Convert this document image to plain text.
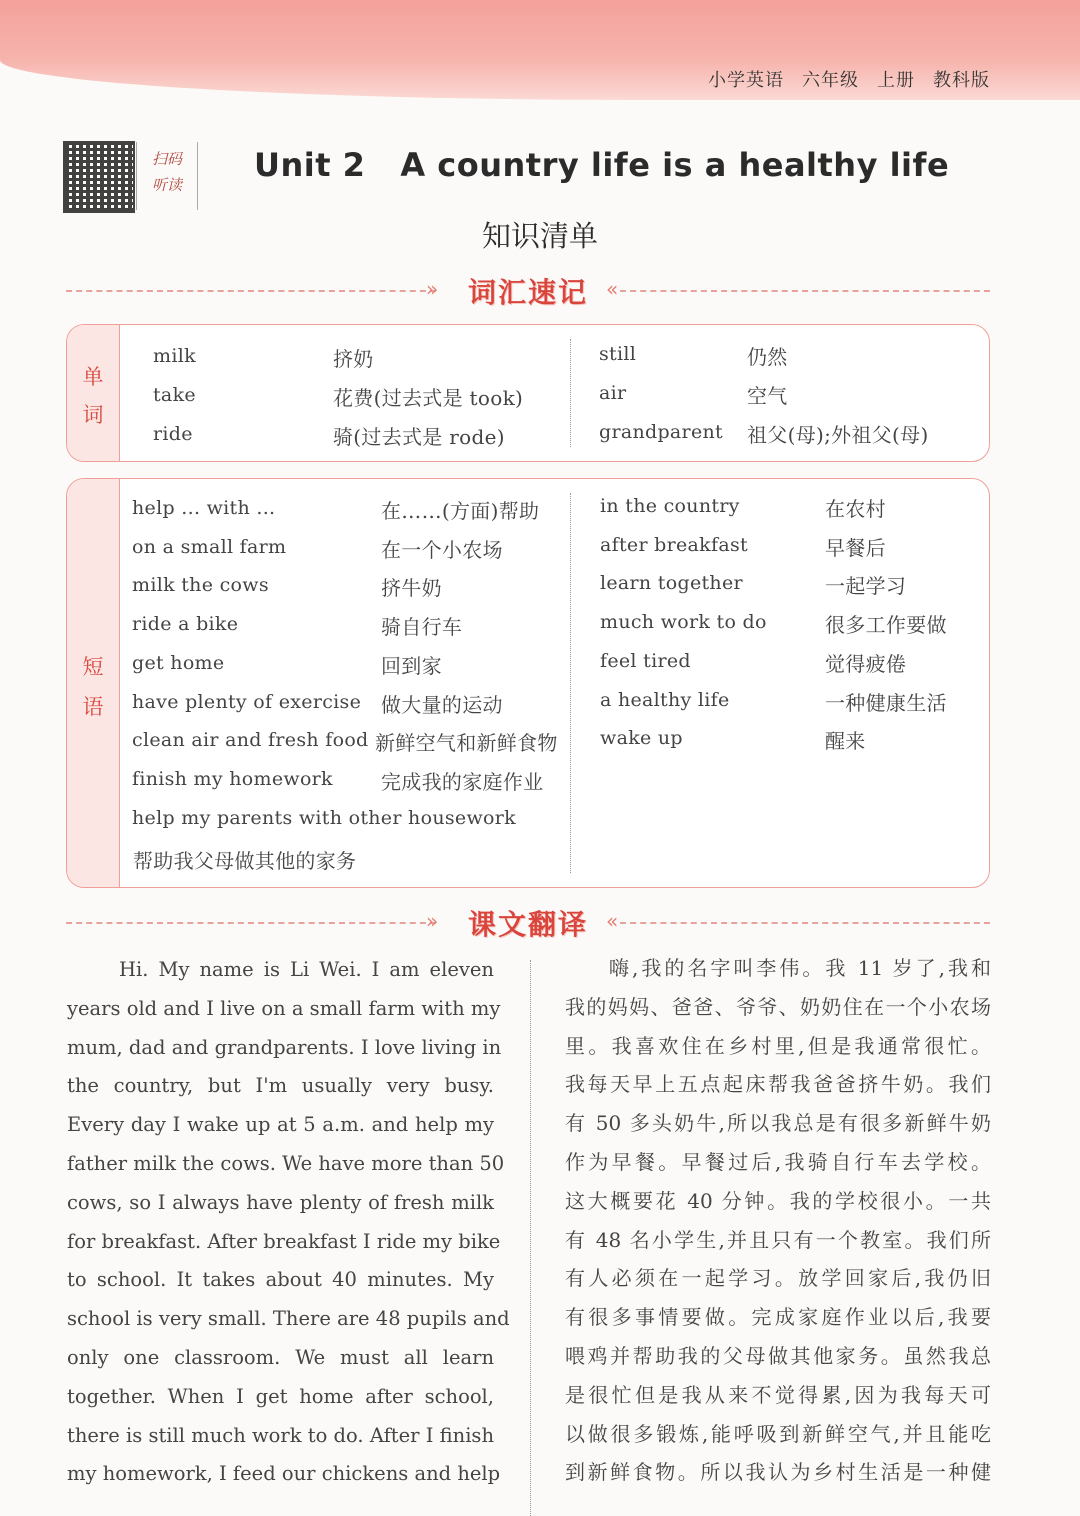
小学英语 六年级 上册 教科版
扫码
听读
Unit 2   A country life is a healthy life
知识清单
»	«
词汇速记
单
词
milk	挤奶
take	花费(过去式是 took)
ride	骑(过去式是 rode)
still	仍然
air	空气
grandparent 祖父(母);外祖父(母)
短
语
help ... with ...	在……(方面)帮助
on a small farm	在一个小农场
milk the cows	挤牛奶
ride a bike	骑自行车
get home	回到家
have plenty of exercise 做大量的运动
clean air and fresh food 新鲜空气和新鲜食物
finish my homework 完成我的家庭作业
in the country	在农村
after breakfast	早餐后
learn together	一起学习
much work to do	很多工作要做
feel tired	觉得疲倦
a healthy life	一种健康生活
wake up	醒来
help my parents with other housework
帮助我父母做其他的家务
»	«
课文翻译
Hi. My name is Li Wei. I am eleven
years old and I live on a small farm with my
mum, dad and grandparents. I love living in
the country, but I'm usually very busy.
Every day I wake up at 5 a.m. and help my
father milk the cows. We have more than 50
cows, so I always have plenty of fresh milk
for breakfast. After breakfast I ride my bike
to school. It takes about 40 minutes. My
school is very small. There are 48 pupils and
only one classroom. We must all learn
together. When I get home after school,
there is still much work to do. After I finish
my homework, I feed our chickens and help
嗨,我的名字叫李伟。我 11 岁了,我和
我的妈妈、爸爸、爷爷、奶奶住在一个小农场
里。我喜欢住在乡村里,但是我通常很忙。
我每天早上五点起床帮我爸爸挤牛奶。我们
有 50 多头奶牛,所以我总是有很多新鲜牛奶
作为早餐。早餐过后,我骑自行车去学校。
这大概要花 40 分钟。我的学校很小。一共
有 48 名小学生,并且只有一个教室。我们所
有人必须在一起学习。放学回家后,我仍旧
有很多事情要做。完成家庭作业以后,我要
喂鸡并帮助我的父母做其他家务。虽然我总
是很忙但是我从来不觉得累,因为我每天可
以做很多锻炼,能呼吸到新鲜空气,并且能吃
到新鲜食物。所以我认为乡村生活是一种健
